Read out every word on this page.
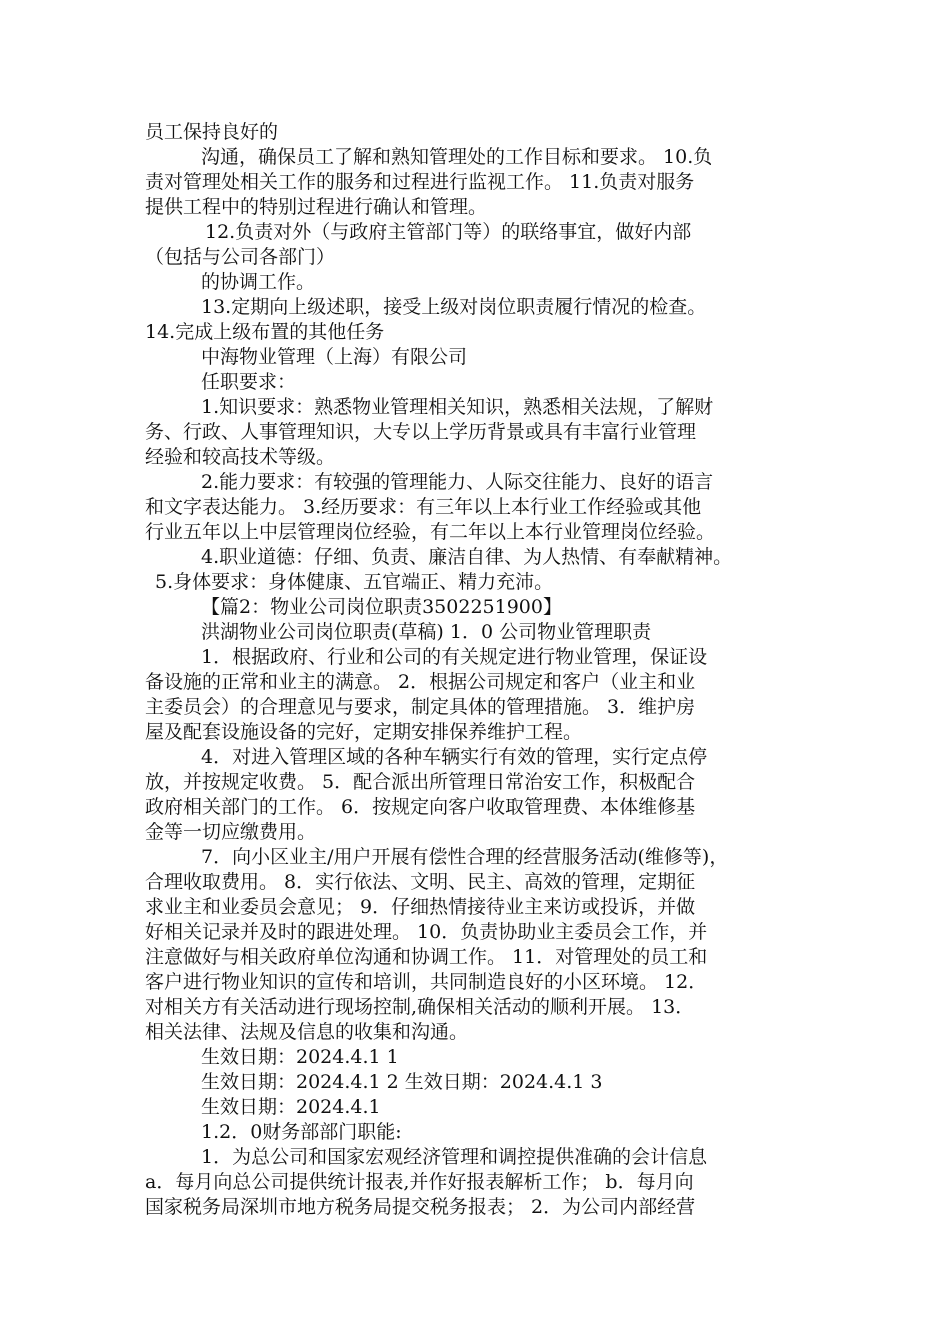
员工保持良好的
沟通，确保员工了解和熟知管理处的工作目标和要求。 10.负
责对管理处相关工作的服务和过程进行监视工作。 11.负责对服务
提供工程中的特别过程进行确认和管理。
12.负责对外（与政府主管部门等）的联络事宜，做好内部
（包括与公司各部门）
的协调工作。
13.定期向上级述职，接受上级对岗位职责履行情况的检查。
14.完成上级布置的其他任务
中海物业管理（上海）有限公司
任职要求：
1.知识要求：熟悉物业管理相关知识，熟悉相关法规，了解财
务、行政、人事管理知识，大专以上学历背景或具有丰富行业管理
经验和较高技术等级。
2.能力要求：有较强的管理能力、人际交往能力、良好的语言
和文字表达能力。 3.经历要求：有三年以上本行业工作经验或其他
行业五年以上中层管理岗位经验，有二年以上本行业管理岗位经验。
4.职业道德：仔细、负责、廉洁自律、为人热情、有奉献精神。
5.身体要求：身体健康、五官端正、精力充沛。
【篇2：物业公司岗位职责3502251900】
洪湖物业公司岗位职责(草稿) 1．0 公司物业管理职责
1．根据政府、行业和公司的有关规定进行物业管理，保证设
备设施的正常和业主的满意。 2．根据公司规定和客户（业主和业
主委员会）的合理意见与要求，制定具体的管理措施。 3．维护房
屋及配套设施设备的完好，定期安排保养维护工程。
4．对进入管理区域的各种车辆实行有效的管理，实行定点停
放，并按规定收费。 5．配合派出所管理日常治安工作，积极配合
政府相关部门的工作。 6．按规定向客户收取管理费、本体维修基
金等一切应缴费用。
7．向小区业主/用户开展有偿性合理的经营服务活动(维修等)，
合理收取费用。 8．实行依法、文明、民主、高效的管理，定期征
求业主和业委员会意见； 9．仔细热情接待业主来访或投诉，并做
好相关记录并及时的跟进处理。 10．负责协助业主委员会工作，并
注意做好与相关政府单位沟通和协调工作。 11．对管理处的员工和
客户进行物业知识的宣传和培训，共同制造良好的小区环境。 12．
对相关方有关活动进行现场控制,确保相关活动的顺利开展。 13．
相关法律、法规及信息的收集和沟通。
生效日期：2024.4.1 1
生效日期：2024.4.1 2 生效日期：2024.4.1 3
生效日期：2024.4.1
1.2．0财务部部门职能:
1．为总公司和国家宏观经济管理和调控提供准确的会计信息
a．每月向总公司提供统计报表,并作好报表解析工作； b．每月向
国家税务局深圳市地方税务局提交税务报表； 2．为公司内部经营
